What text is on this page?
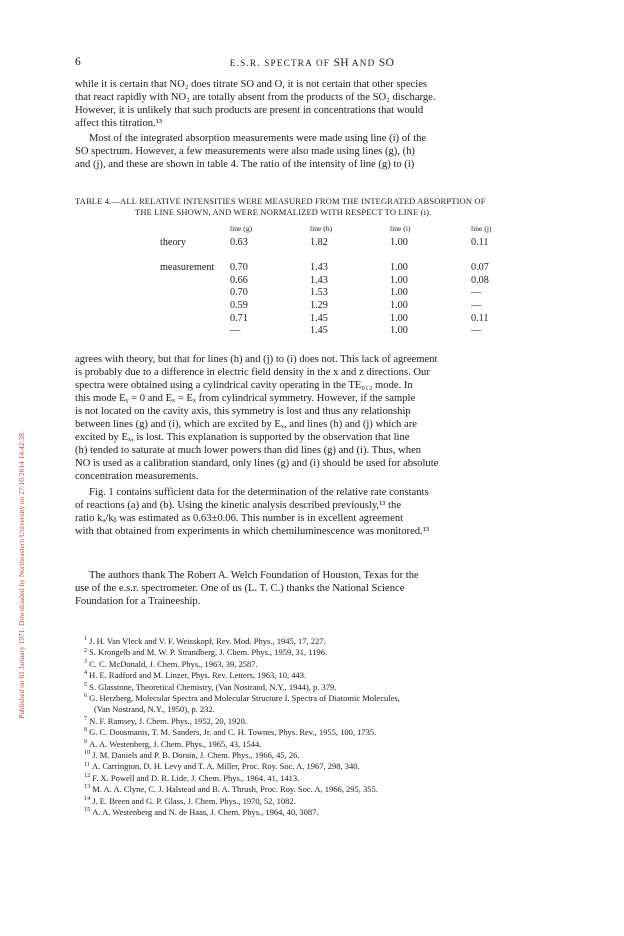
Published on 01 January 1971. Downloaded by Northeastern University on 27/10/2014 14:42:38.
6	E.S.R. SPECTRA OF SH AND SO

while it is certain that NO₂ does titrate SO and O, it is not certain that other species

that react rapidly with NO₂ are totally absent from the products of the SO₂ discharge.

However, it is unlikely that such products are present in concentrations that would

affect this titration.¹³

Most of the integrated absorption measurements were made using line (i) of the

SO spectrum. However, a few measurements were also made using lines (g), (h)

and (j), and these are shown in table 4. The ratio of the intensity of line (g) to (i)

TABLE 4.—ALL RELATIVE INTENSITIES WERE MEASURED FROM THE INTEGRATED ABSORPTION OF
THE LINE SHOWN, AND WERE NORMALIZED WITH RESPECT TO LINE (i).
	line (g)	line (h)	line (i)	line (j)
theory	0.63	1.82	1.00	0.11

measurement	0.70	1.43	1.00	0.07
	0.66	1.43	1.00	0.08
	0.70	1.53	1.00	—
	0.59	1.29	1.00	—
	0.71	1.45	1.00	0.11
	—	1.45	1.00	—

agrees with theory, but that for lines (h) and (j) to (i) does not. This lack of agreement

is probably due to a difference in electric field density in the x and z directions. Our

spectra were obtained using a cylindrical cavity operating in the TE₀₁₂ mode. In

this mode Eᵧ = 0 and Eₓ = Eₓ from cylindrical symmetry. However, if the sample

is not located on the cavity axis, this symmetry is lost and thus any relationship

between lines (g) and (i), which are excited by Eₓ, and lines (h) and (j) which are

excited by Eₓ, is lost. This explanation is supported by the observation that line

(h) tended to saturate at much lower powers than did lines (g) and (i). Thus, when

NO is used as a calibration standard, only lines (g) and (i) should be used for absolute

concentration measurements.

Fig. 1 contains sufficient data for the determination of the relative rate constants

of reactions (a) and (b). Using the kinetic analysis described previously,¹³ the

ratio kₐ/kᵦ was estimated as 0.63±0.06. This number is in excellent agreement

with that obtained from experiments in which chemiluminescence was monitored.¹³

The authors thank The Robert A. Welch Foundation of Houston, Texas for the

use of the e.s.r. spectrometer. One of us (L. T. C.) thanks the National Science

Foundation for a Traineeship.

$^1$ J. H. Van Vleck and V. F. Weisskopf, Rev. Mod. Phys., 1945, 17, 227.
$^2$ S. Krongelb and M. W. P. Strandberg, J. Chem. Phys., 1959, 31, 1196.
$^3$ C. C. McDonald, J. Chem. Phys., 1963, 39, 2587.
$^4$ H. E. Radford and M. Linzer, Phys. Rev. Letters, 1963, 10, 443.
$^5$ S. Glasstone, Theoretical Chemistry, (Van Nostrand, N.Y., 1944), p. 379.
$^6$ G. Herzberg, Molecular Spectra and Molecular Structure I. Spectra of Diatomic Molecules,
(Van Nostrand, N.Y., 1950), p. 232.
$^7$ N. F. Ramsey, J. Chem. Phys., 1952, 20, 1920.
$^8$ G. C. Dousmanis, T. M. Sanders, Jr. and C. H. Townes, Phys. Rev., 1955, 100, 1735.
$^9$ A. A. Westenberg, J. Chem. Phys., 1965, 43, 1544.
$^{10}$ J. M. Daniels and P. B. Dorain, J. Chem. Phys., 1966, 45, 26.
$^{11}$ A. Carrington, D. H. Levy and T. A. Miller, Proc. Roy. Soc. A, 1967, 298, 340.
$^{12}$ F. X. Powell and D. R. Lide, J. Chem. Phys., 1964, 41, 1413.
$^{13}$ M. A. A. Clyne, C. J. Halstead and B. A. Thrush, Proc. Roy. Soc. A, 1966, 295, 355.
$^{14}$ J. E. Breen and G. P. Glass, J. Chem. Phys., 1970, 52, 1082.
$^{15}$ A. A. Westenberg and N. de Haas, J. Chem. Phys., 1964, 40, 3087.
